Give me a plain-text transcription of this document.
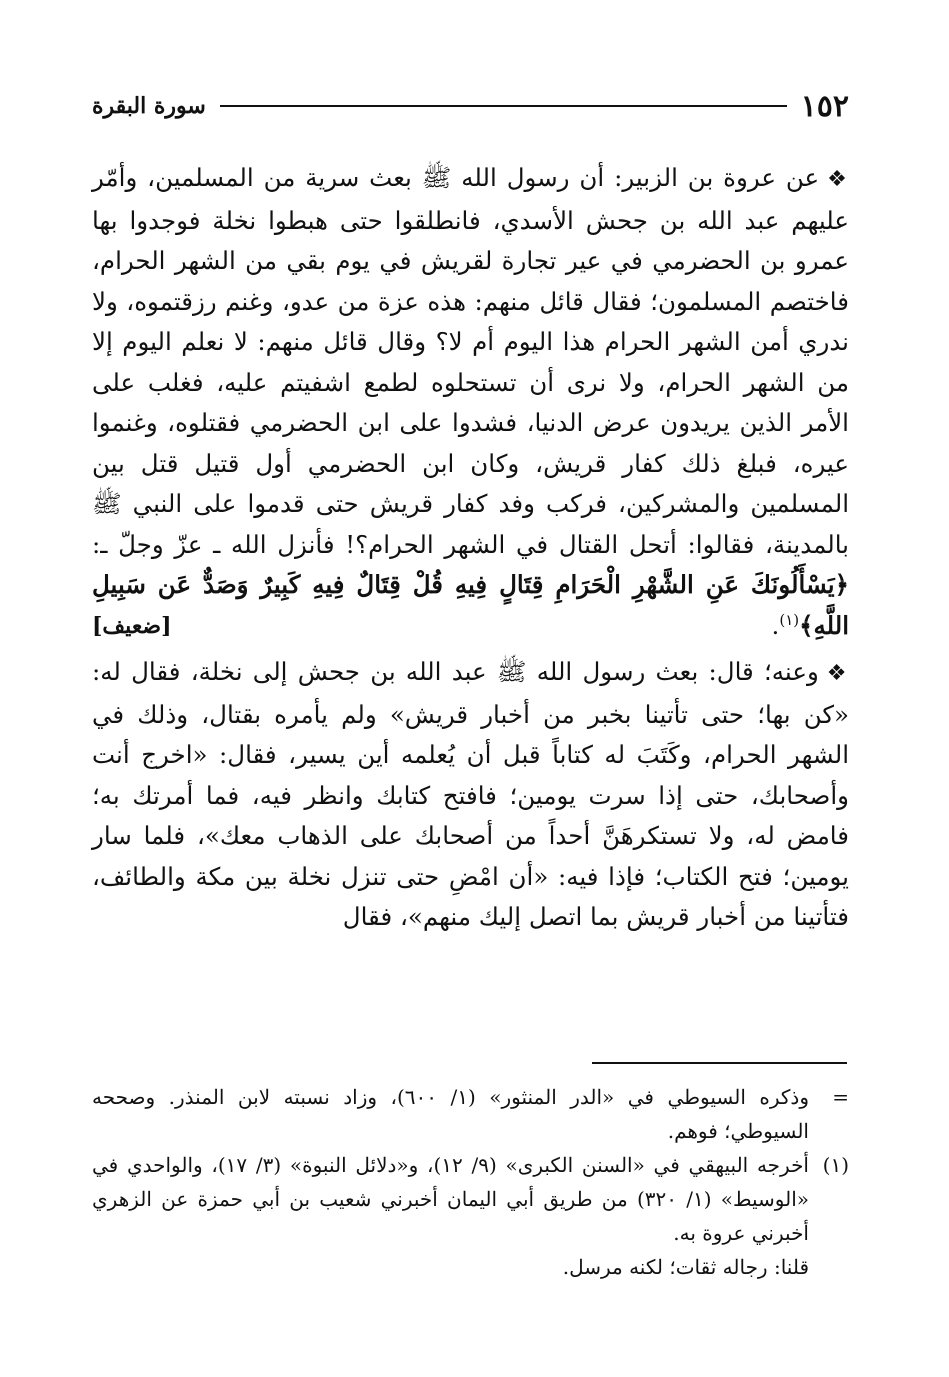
١٥٢
سورة البقرة

❖عن عروة بن الزبير: أن رسول الله ﷺ بعث سرية من المسلمين، وأمّر عليهم عبد الله بن جحش الأسدي، فانطلقوا حتى هبطوا نخلة فوجدوا بها عمرو بن الحضرمي في عير تجارة لقريش في يوم بقي من الشهر الحرام، فاختصم المسلمون؛ فقال قائل منهم: هذه عزة من عدو، وغنم رزقتموه، ولا ندري أمن الشهر الحرام هذا اليوم أم لا؟ وقال قائل منهم: لا نعلم اليوم إلا من الشهر الحرام، ولا نرى أن تستحلوه لطمع اشفيتم عليه، فغلب على الأمر الذين يريدون عرض الدنيا، فشدوا على ابن الحضرمي فقتلوه، وغنموا عيره، فبلغ ذلك كفار قريش، وكان ابن الحضرمي أول قتيل قتل بين المسلمين والمشركين، فركب وفد كفار قريش حتى قدموا على النبي ﷺ بالمدينة، فقالوا: أتحل القتال في الشهر الحرام؟! فأنزل الله ـ عزّ وجلّ ـ: ﴿يَسْأَلُونَكَ عَنِ الشَّهْرِ الْحَرَامِ قِتَالٍ فِيهِ قُلْ قِتَالٌ فِيهِ كَبِيرٌ وَصَدٌّ عَن سَبِيلِ اللَّهِ﴾$^{(١)}$.
[ضعيف]

❖وعنه؛ قال: بعث رسول الله ﷺ عبد الله بن جحش إلى نخلة، فقال له: «كن بها؛ حتى تأتينا بخبر من أخبار قريش» ولم يأمره بقتال، وذلك في الشهر الحرام، وكَتَبَ له كتاباً قبل أن يُعلمه أين يسير، فقال: «اخرج أنت وأصحابك، حتى إذا سرت يومين؛ فافتح كتابك وانظر فيه، فما أمرتك به؛ فامض له، ولا تستكرهَنَّ أحداً من أصحابك على الذهاب معك»، فلما سار يومين؛ فتح الكتاب؛ فإذا فيه: «أن امْضِ حتى تنزل نخلة بين مكة والطائف، فتأتينا من أخبار قريش بما اتصل إليك منهم»، فقال

=
وذكره السيوطي في «الدر المنثور» (١/ ٦٠٠)، وزاد نسبته لابن المنذر. وصححه السيوطي؛ فوهم.
(١)
أخرجه البيهقي في «السنن الكبرى» (٩/ ١٢)، و«دلائل النبوة» (٣/ ١٧)، والواحدي في «الوسيط» (١/ ٣٢٠) من طريق أبي اليمان أخبرني شعيب بن أبي حمزة عن الزهري أخبرني عروة به.
قلنا: رجاله ثقات؛ لكنه مرسل.
